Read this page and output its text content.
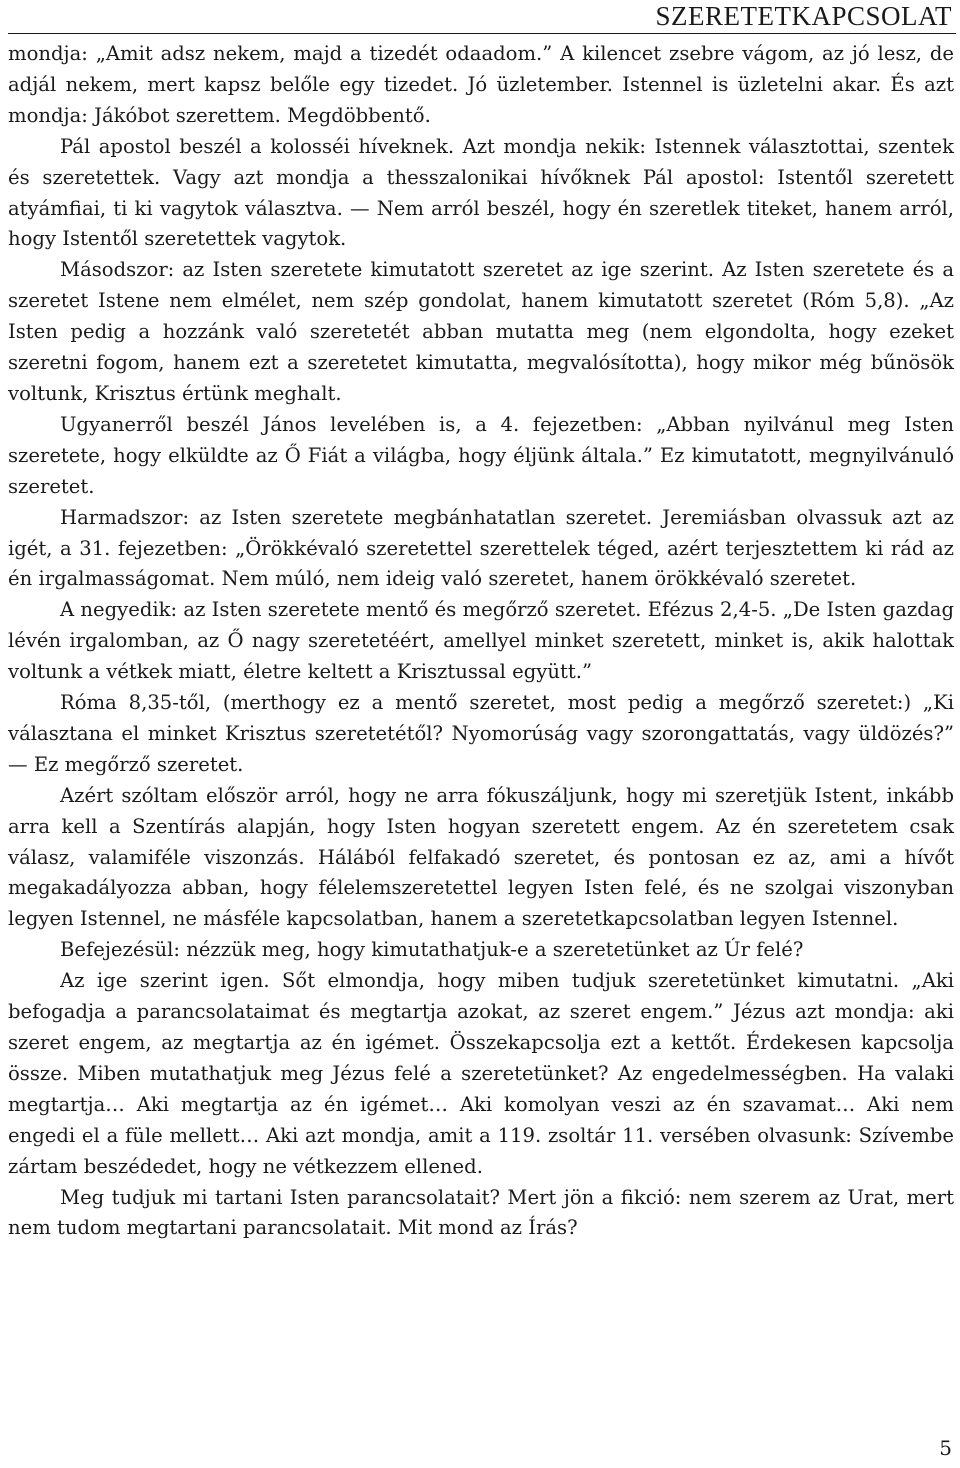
SZERETETKAPCSOLAT

mondja: „Amit adsz nekem, majd a tizedét odaadom.” A kilencet zsebre vágom, az jó lesz, de adjál nekem, mert kapsz belőle egy tizedet. Jó üzletember. Istennel is üzletelni akar. És azt mondja: Jákóbot szerettem. Megdöbbentő.

Pál apostol beszél a kolosséi híveknek. Azt mondja nekik: Istennek választottai, szentek és szeretettek. Vagy azt mondja a thesszalonikai hívőknek Pál apostol: Istentől szeretett atyámfiai, ti ki vagytok választva. — Nem arról beszél, hogy én szeretlek titeket, hanem arról, hogy Istentől szeretettek vagytok.

Másodszor: az Isten szeretete kimutatott szeretet az ige szerint. Az Isten szeretete és a szeretet Istene nem elmélet, nem szép gondolat, hanem kimutatott szeretet (Róm 5,8). „Az Isten pedig a hozzánk való szeretetét abban mutatta meg (nem elgondolta, hogy ezeket szeretni fogom, hanem ezt a szeretetet kimutatta, megvalósította), hogy mikor még bűnösök voltunk, Krisztus értünk meghalt.

Ugyanerről beszél János levelében is, a 4. fejezetben: „Abban nyilvánul meg Isten szeretete, hogy elküldte az Ő Fiát a világba, hogy éljünk általa.” Ez kimutatott, megnyilvánuló szeretet.

Harmadszor: az Isten szeretete megbánhatatlan szeretet. Jeremiásban olvassuk azt az igét, a 31. fejezetben: „Örökkévaló szeretettel szerettelek téged, azért terjesztettem ki rád az én irgalmasságomat. Nem múló, nem ideig való szeretet, hanem örökkévaló szeretet.

A negyedik: az Isten szeretete mentő és megőrző szeretet. Efézus 2,4-5. „De Isten gazdag lévén irgalomban, az Ő nagy szeretetéért, amellyel minket szeretett, minket is, akik halottak voltunk a vétkek miatt, életre keltett a Krisztussal együtt.”

Róma 8,35-től, (merthogy ez a mentő szeretet, most pedig a megőrző szeretet:) „Ki választana el minket Krisztus szeretetétől? Nyomorúság vagy szorongattatás, vagy üldözés?” — Ez megőrző szeretet.

Azért szóltam először arról, hogy ne arra fókuszáljunk, hogy mi szeretjük Istent, inkább arra kell a Szentírás alapján, hogy Isten hogyan szeretett engem. Az én szeretetem csak válasz, valamiféle viszonzás. Hálából felfakadó szeretet, és pontosan ez az, ami a hívőt megakadályozza abban, hogy félelemszeretettel legyen Isten felé, és ne szolgai viszonyban legyen Istennel, ne másféle kapcsolatban, hanem a szeretetkapcsolatban legyen Istennel.

Befejezésül: nézzük meg, hogy kimutathatjuk-e a szeretetünket az Úr felé?

Az ige szerint igen. Sőt elmondja, hogy miben tudjuk szeretetünket kimutatni. „Aki befogadja a parancsolataimat és megtartja azokat, az szeret engem.” Jézus azt mondja: aki szeret engem, az megtartja az én igémet. Összekapcsolja ezt a kettőt. Érdekesen kapcsolja össze. Miben mutathatjuk meg Jézus felé a szeretetünket? Az engedelmességben. Ha valaki megtartja… Aki megtartja az én igémet… Aki komolyan veszi az én szavamat… Aki nem engedi el a füle mellett… Aki azt mondja, amit a 119. zsoltár 11. versében olvasunk: Szívembe zártam beszédedet, hogy ne vétkezzem ellened.

Meg tudjuk mi tartani Isten parancsolatait? Mert jön a fikció: nem szerem az Urat, mert nem tudom megtartani parancsolatait. Mit mond az Írás?

5
